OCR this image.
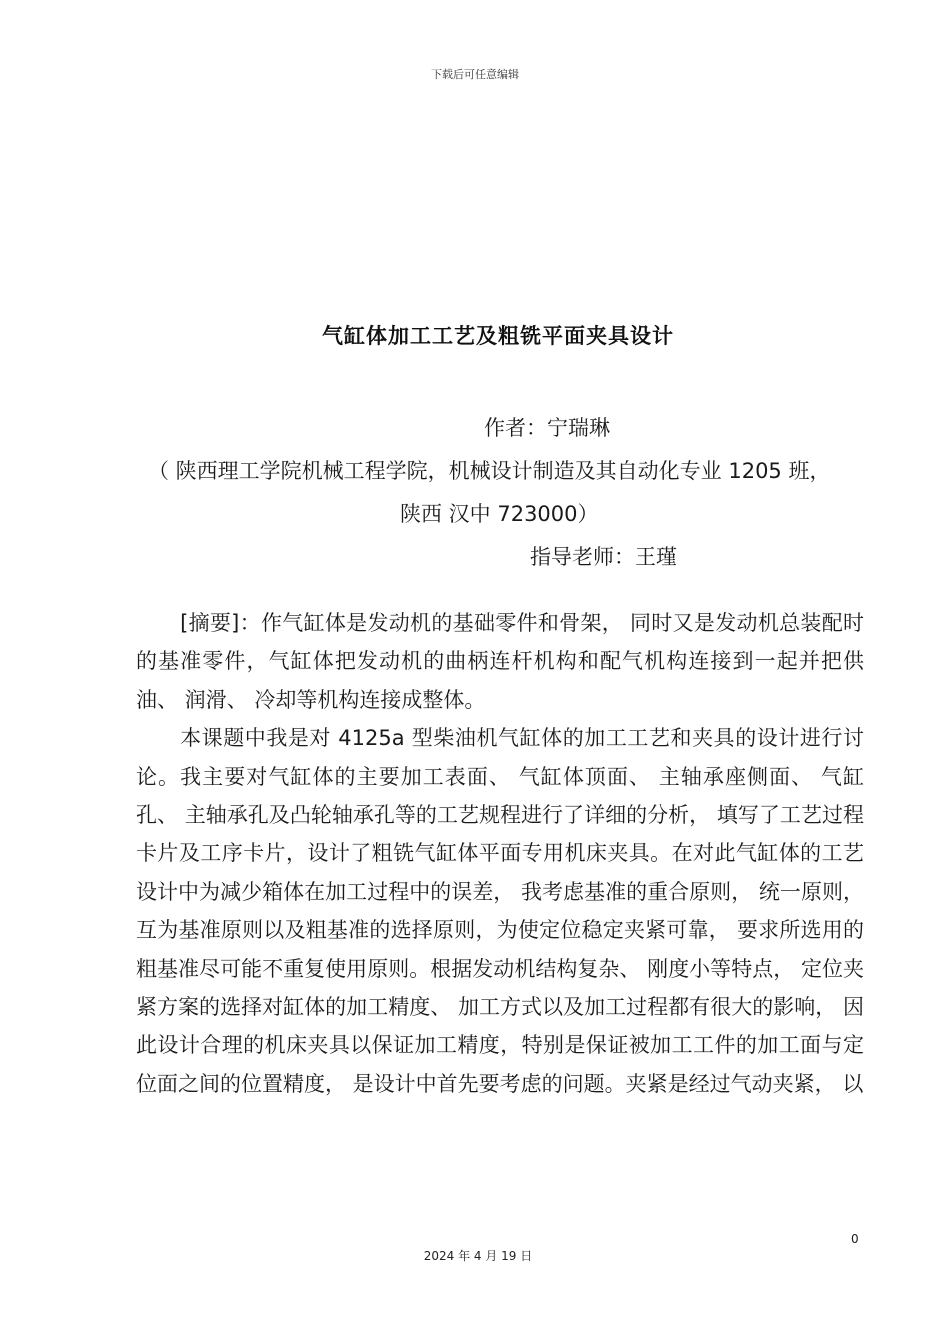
下载后可任意编辑
气缸体加工工艺及粗铣平面夹具设计
作者：宁瑞琳
（ 陕西理工学院机械工程学院，机械设计制造及其自动化专业 1205 班，
陕西 汉中 723000）
指导老师：王瑾

[摘要]：作气缸体是发动机的基础零件和骨架， 同时又是发动机总装配时的基准零件，气缸体把发动机的曲柄连杆机构和配气机构连接到一起并把供油、 润滑、 冷却等机构连接成整体。

本课题中我是对 4125a 型柴油机气缸体的加工工艺和夹具的设计进行讨论。我主要对气缸体的主要加工表面、 气缸体顶面、 主轴承座侧面、 气缸孔、 主轴承孔及凸轮轴承孔等的工艺规程进行了详细的分析， 填写了工艺过程卡片及工序卡片，设计了粗铣气缸体平面专用机床夹具。在对此气缸体的工艺设计中为减少箱体在加工过程中的误差， 我考虑基准的重合原则， 统一原则， 互为基准原则以及粗基准的选择原则，为使定位稳定夹紧可靠， 要求所选用的粗基准尽可能不重复使用原则。根据发动机结构复杂、 刚度小等特点， 定位夹紧方案的选择对缸体的加工精度、 加工方式以及加工过程都有很大的影响， 因此设计合理的机床夹具以保证加工精度，特别是保证被加工工件的加工面与定位面之间的位置精度， 是设计中首先要考虑的问题。夹紧是经过气动夹紧， 以

0
2024 年 4 月 19 日
